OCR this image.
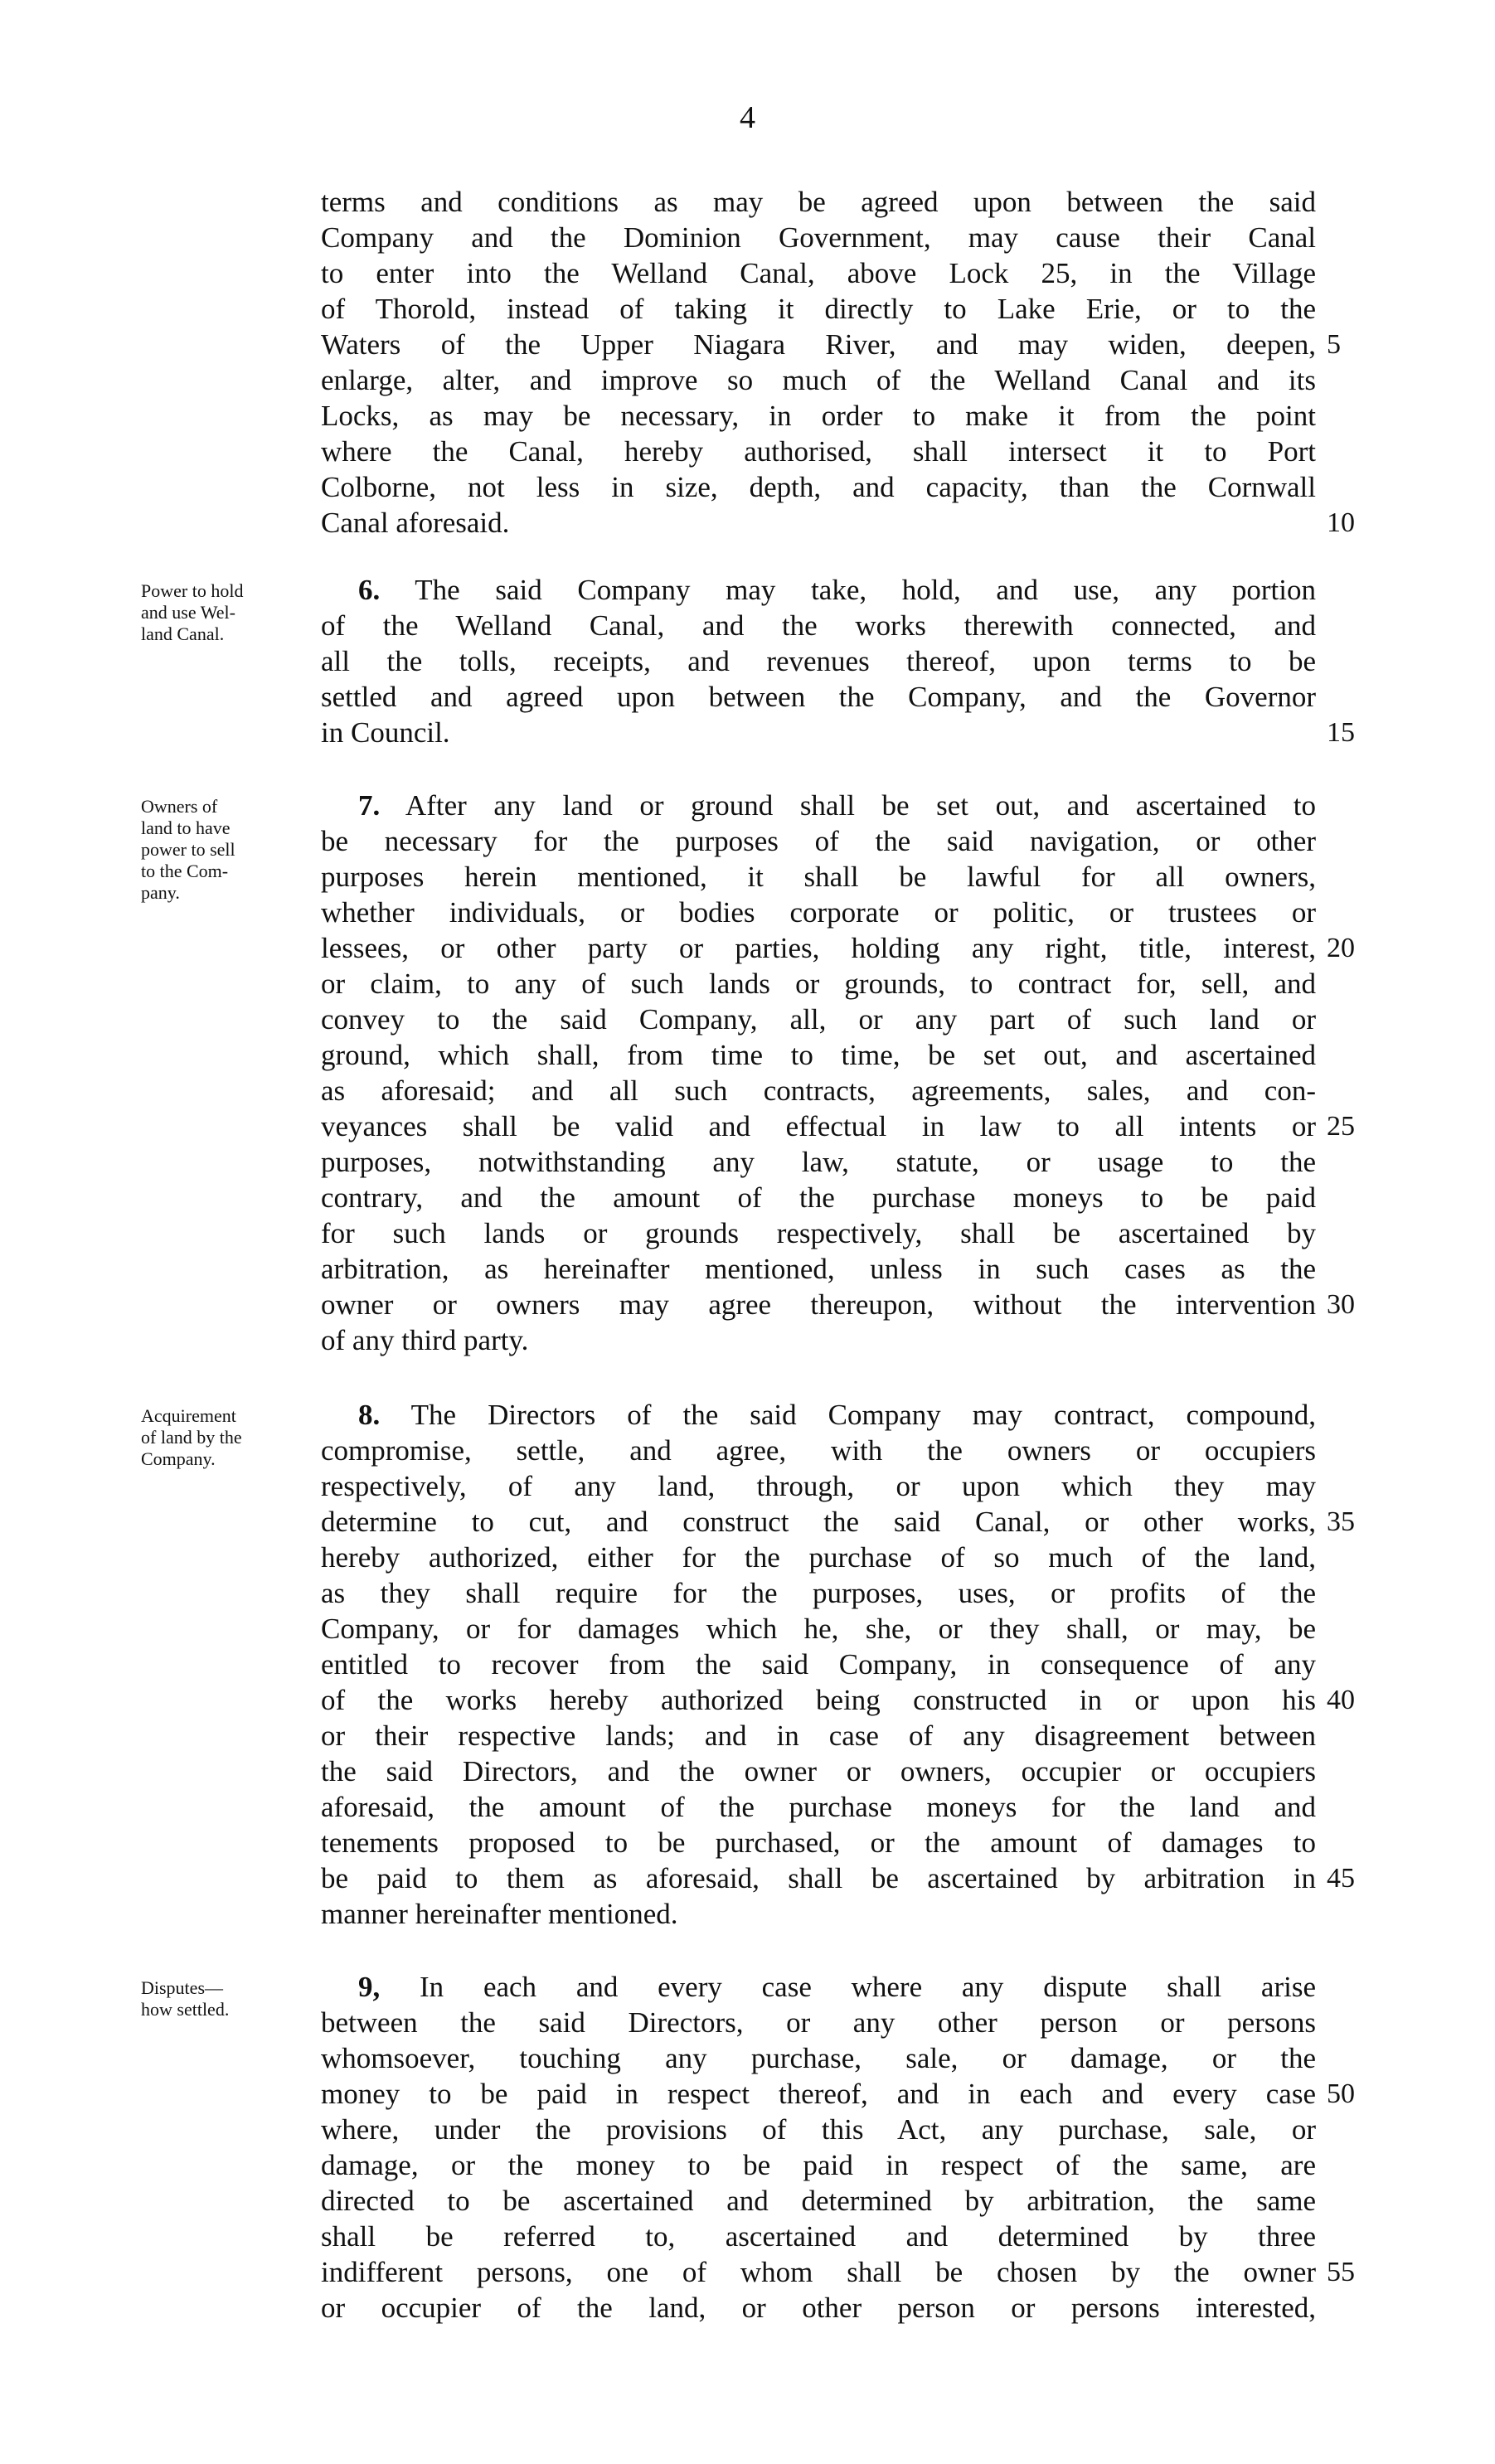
4
terms and conditions as may be agreed upon between the said
Company and the Dominion Government, may cause their Canal
to enter into the Welland Canal, above Lock 25, in the Village
of Thorold, instead of taking it directly to Lake Erie, or to the
Waters of the Upper Niagara River, and may widen, deepen,
enlarge, alter, and improve so much of the Welland Canal and its
Locks, as may be necessary, in order to make it from the point
where the Canal, hereby authorised, shall intersect it to Port
Colborne, not less in size, depth, and capacity, than the Cornwall
Canal aforesaid.
Power to hold
and use Wel-
land Canal.
6. The said Company may take, hold, and use, any portion
of the Welland Canal, and the works therewith connected, and
all the tolls, receipts, and revenues thereof, upon terms to be
settled and agreed upon between the Company, and the Governor
in Council.
Owners of
land to have
power to sell
to the Com-
pany.
7. After any land or ground shall be set out, and ascertained to
be necessary for the purposes of the said navigation, or other
purposes herein mentioned, it shall be lawful for all owners,
whether individuals, or bodies corporate or politic, or trustees or
lessees, or other party or parties, holding any right, title, interest,
or claim, to any of such lands or grounds, to contract for, sell, and
convey to the said Company, all, or any part of such land or
ground, which shall, from time to time, be set out, and ascertained
as aforesaid; and all such contracts, agreements, sales, and con-
veyances shall be valid and effectual in law to all intents or
purposes, notwithstanding any law, statute, or usage to the
contrary, and the amount of the purchase moneys to be paid
for such lands or grounds respectively, shall be ascertained by
arbitration, as hereinafter mentioned, unless in such cases as the
owner or owners may agree thereupon, without the intervention
of any third party.
Acquirement
of land by the
Company.
8. The Directors of the said Company may contract, compound,
compromise, settle, and agree, with the owners or occupiers
respectively, of any land, through, or upon which they may
determine to cut, and construct the said Canal, or other works,
hereby authorized, either for the purchase of so much of the land,
as they shall require for the purposes, uses, or profits of the
Company, or for damages which he, she, or they shall, or may, be
entitled to recover from the said Company, in consequence of any
of the works hereby authorized being constructed in or upon his
or their respective lands; and in case of any disagreement between
the said Directors, and the owner or owners, occupier or occupiers
aforesaid, the amount of the purchase moneys for the land and
tenements proposed to be purchased, or the amount of damages to
be paid to them as aforesaid, shall be ascertained by arbitration in
manner hereinafter mentioned.
Disputes—
how settled.
9, In each and every case where any dispute shall arise
between the said Directors, or any other person or persons
whomsoever, touching any purchase, sale, or damage, or the
money to be paid in respect thereof, and in each and every case
where, under the provisions of this Act, any purchase, sale, or
damage, or the money to be paid in respect of the same, are
directed to be ascertained and determined by arbitration, the same
shall be referred to, ascertained and determined by three
indifferent persons, one of whom shall be chosen by the owner
or occupier of the land, or other person or persons interested,
5
10
15
20
25
30
35
40
45
50
55
